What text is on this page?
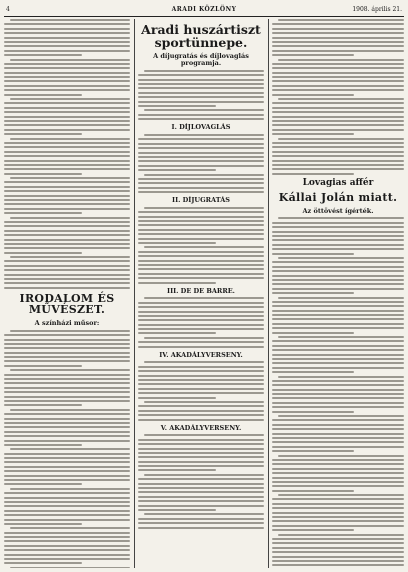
4	ARADI KÖZLÖNY	1908. április 21.
IRODALOM ÉS MŰVÉSZET.
A színházi műsor:
Aradi huszártiszt sportünnepe.
A díjugratás és díjlovaglás programja.
I. DÍJLOVAGLÁS
II. DÍJUGRATÁS
III. DE DE BARRE.
IV. AKADÁLYVERSENY.
V. AKADÁLYVERSENY.
Lovagias affér
Kállai Jolán miatt.
Az öttövést ígérték.
